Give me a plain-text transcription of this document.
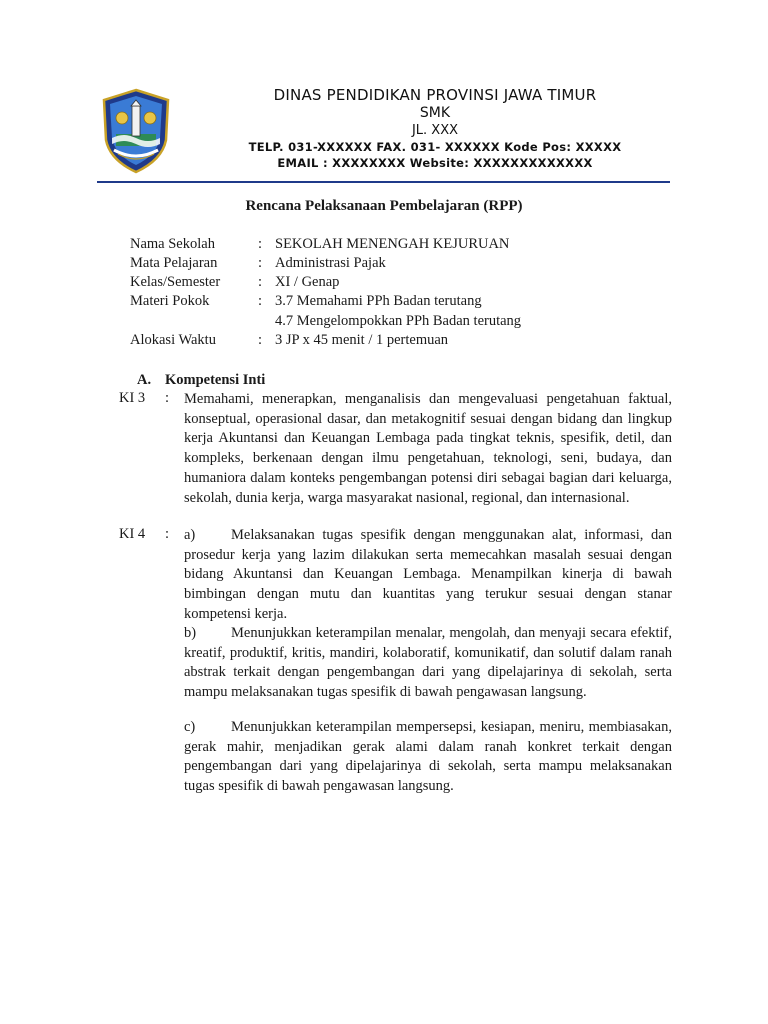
DINAS PENDIDIKAN PROVINSI JAWA TIMUR
SMK
JL. XXX
TELP. 031-XXXXXX FAX. 031- XXXXXX Kode Pos: XXXXX
EMAIL : XXXXXXXX Website: XXXXXXXXXXXXX
Rencana Pelaksanaan Pembelajaran (RPP)
Nama Sekolah	: SEKOLAH MENENGAH KEJURUAN
Mata Pelajaran	: Administrasi Pajak
Kelas/Semester	: XI / Genap
Materi Pokok	: 3.7 Memahami PPh Badan terutang
4.7 Mengelompokkan PPh Badan terutang
Alokasi Waktu	: 3 JP x 45 menit / 1 pertemuan
A. Kompetensi Inti
KI 3 : Memahami, menerapkan, menganalisis dan mengevaluasi pengetahuan faktual, konseptual, operasional dasar, dan metakognitif sesuai dengan bidang dan lingkup kerja Akuntansi dan Keuangan Lembaga pada tingkat teknis, spesifik, detil, dan kompleks, berkenaan dengan ilmu pengetahuan, teknologi, seni, budaya, dan humaniora dalam konteks pengembangan potensi diri sebagai bagian dari keluarga, sekolah, dunia kerja, warga masyarakat nasional, regional, dan internasional.
KI 4 : a) Melaksanakan tugas spesifik dengan menggunakan alat, informasi, dan prosedur kerja yang lazim dilakukan serta memecahkan masalah sesuai dengan bidang Akuntansi dan Keuangan Lembaga. Menampilkan kinerja di bawah bimbingan dengan mutu dan kuantitas yang terukur sesuai dengan stanar kompetensi kerja.
b) Menunjukkan keterampilan menalar, mengolah, dan menyaji secara efektif, kreatif, produktif, kritis, mandiri, kolaboratif, komunikatif, dan solutif dalam ranah abstrak terkait dengan pengembangan dari yang dipelajarinya di sekolah, serta mampu melaksanakan tugas spesifik di bawah pengawasan langsung.
c) Menunjukkan keterampilan mempersepsi, kesiapan, meniru, membiasakan, gerak mahir, menjadikan gerak alami dalam ranah konkret terkait dengan pengembangan dari yang dipelajarinya di sekolah, serta mampu melaksanakan tugas spesifik di bawah pengawasan langsung.
